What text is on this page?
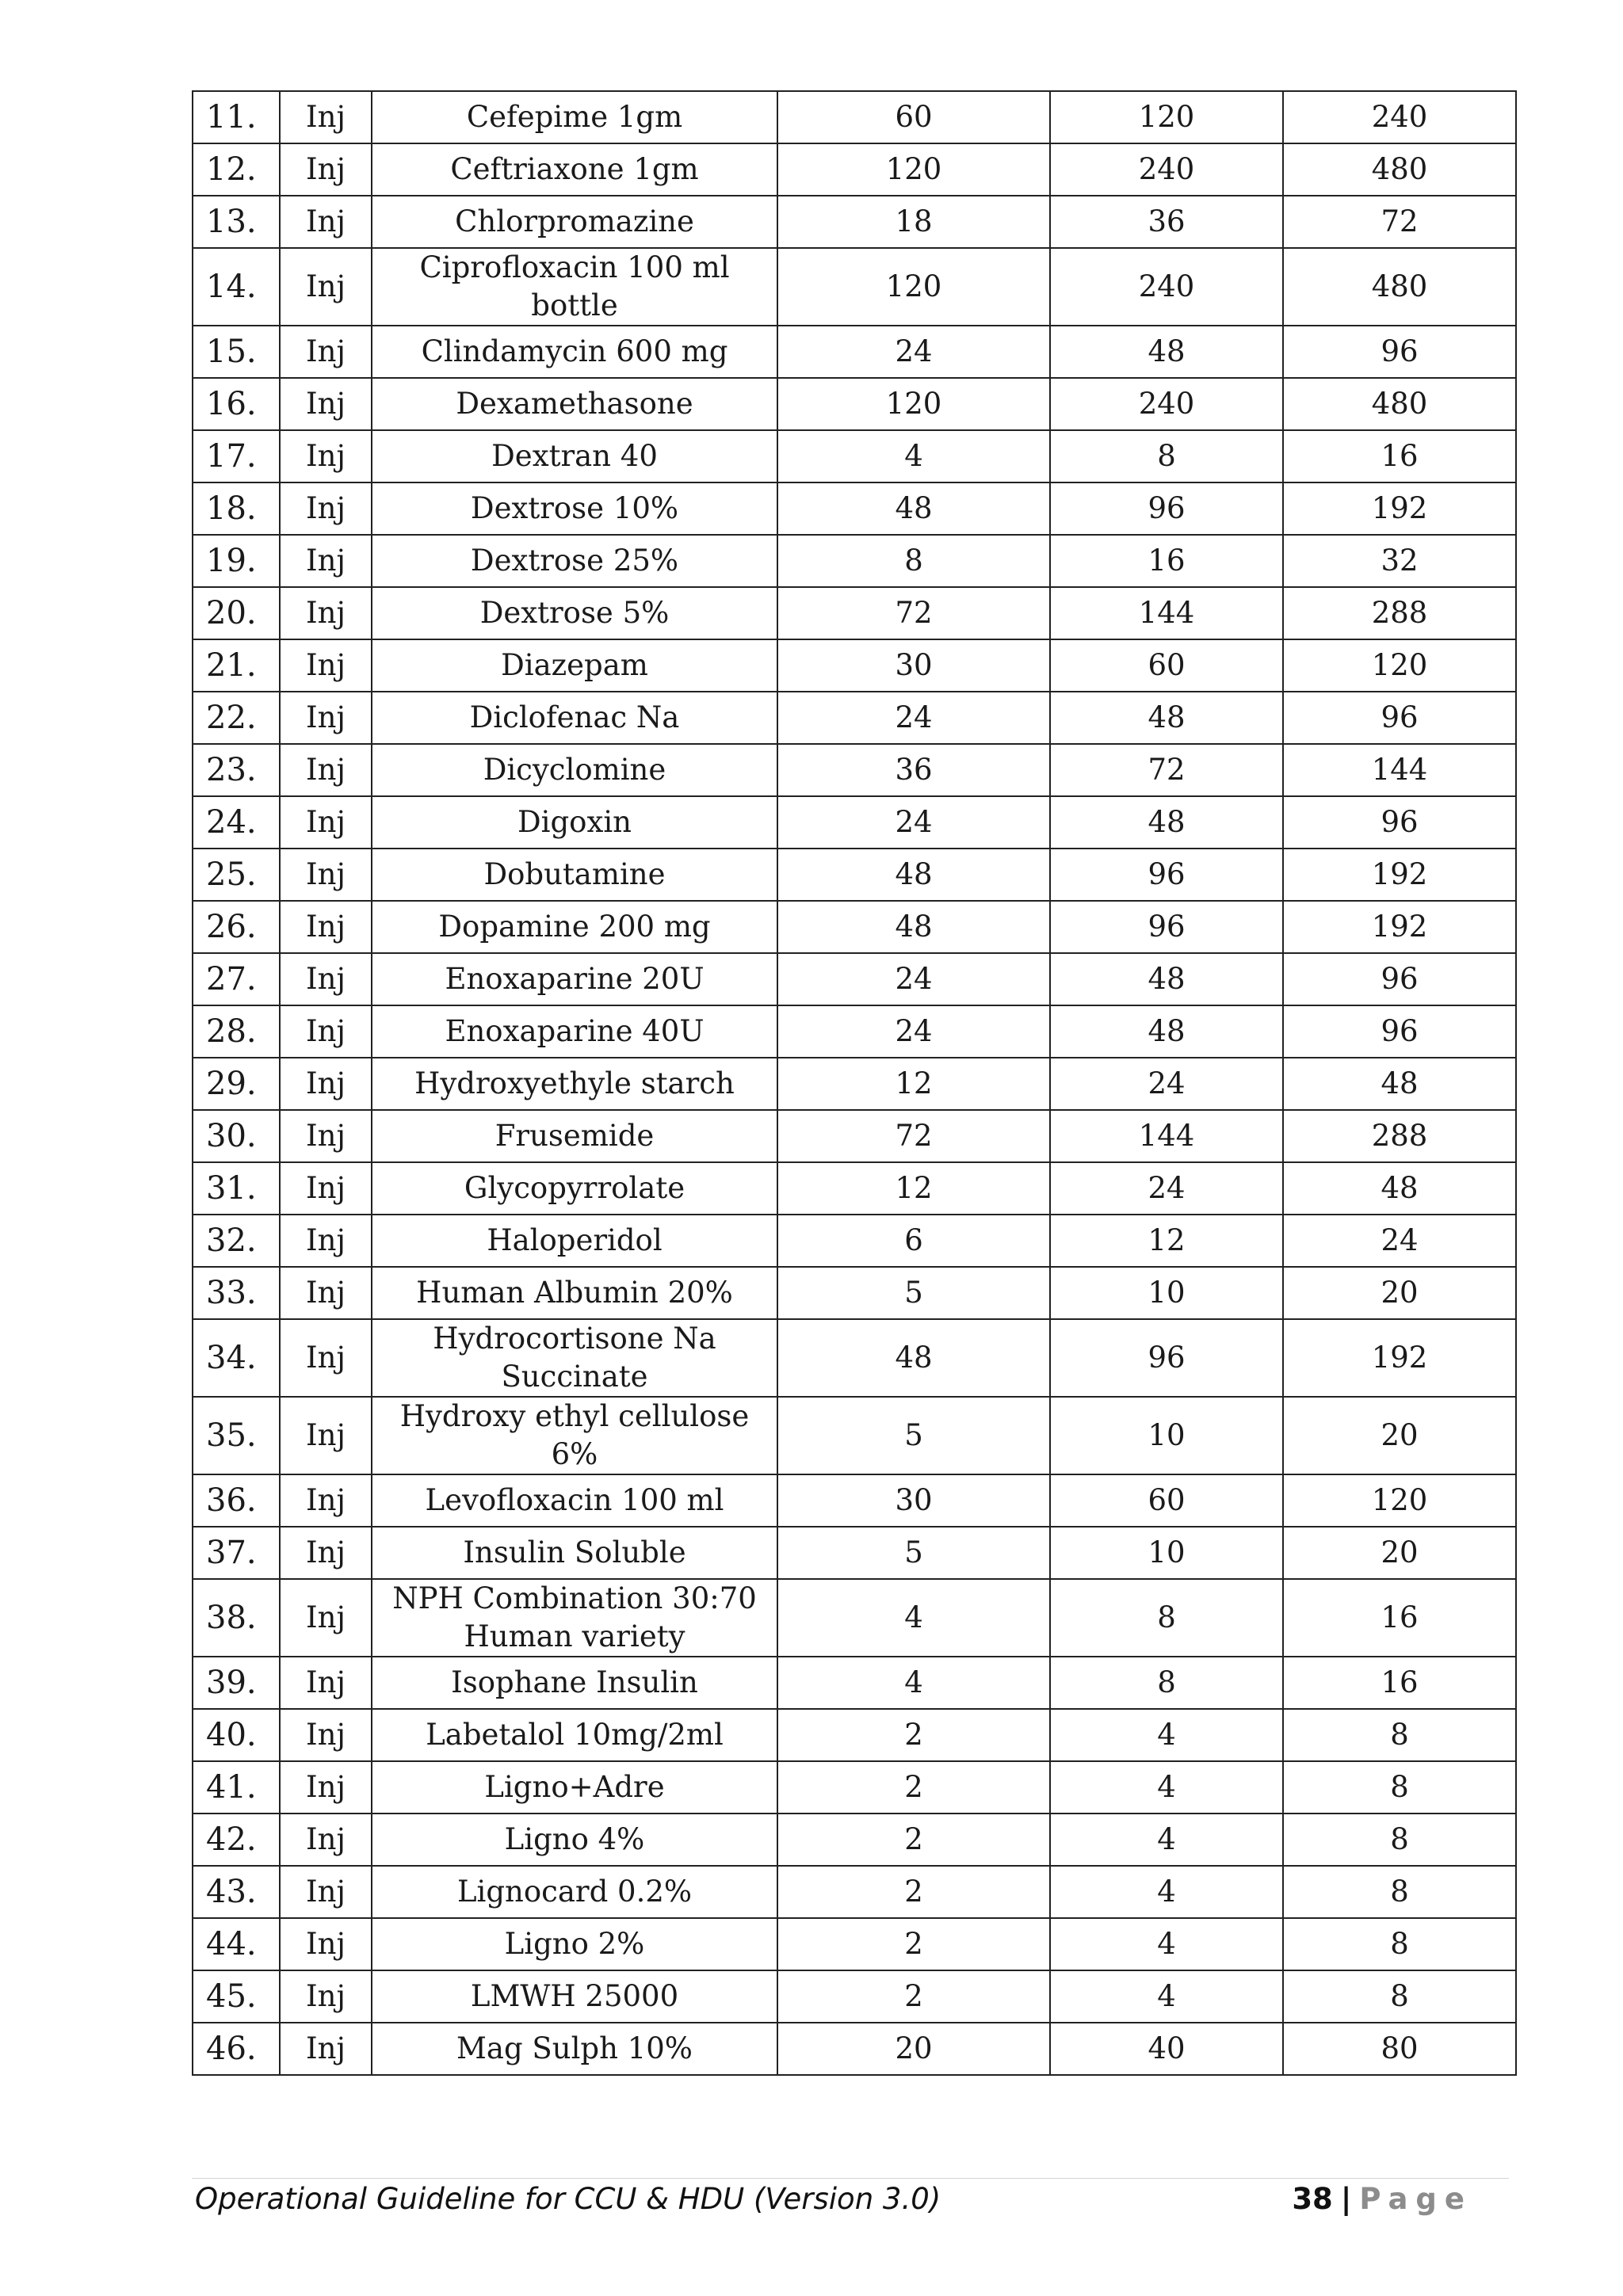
11.	Inj	Cefepime 1gm	60	120	240
12.	Inj	Ceftriaxone 1gm	120	240	480
13.	Inj	Chlorpromazine	18	36	72
14.	Inj	Ciprofloxacin 100 ml bottle	120	240	480
15.	Inj	Clindamycin 600 mg	24	48	96
16.	Inj	Dexamethasone	120	240	480
17.	Inj	Dextran 40	4	8	16
18.	Inj	Dextrose 10%	48	96	192
19.	Inj	Dextrose 25%	8	16	32
20.	Inj	Dextrose 5%	72	144	288
21.	Inj	Diazepam	30	60	120
22.	Inj	Diclofenac Na	24	48	96
23.	Inj	Dicyclomine	36	72	144
24.	Inj	Digoxin	24	48	96
25.	Inj	Dobutamine	48	96	192
26.	Inj	Dopamine 200 mg	48	96	192
27.	Inj	Enoxaparine 20U	24	48	96
28.	Inj	Enoxaparine 40U	24	48	96
29.	Inj	Hydroxyethyle starch	12	24	48
30.	Inj	Frusemide	72	144	288
31.	Inj	Glycopyrrolate	12	24	48
32.	Inj	Haloperidol	6	12	24
33.	Inj	Human Albumin 20%	5	10	20
34.	Inj	Hydrocortisone Na Succinate	48	96	192
35.	Inj	Hydroxy ethyl cellulose 6%	5	10	20
36.	Inj	Levofloxacin 100 ml	30	60	120
37.	Inj	Insulin Soluble	5	10	20
38.	Inj	NPH Combination 30:70 Human variety	4	8	16
39.	Inj	Isophane Insulin	4	8	16
40.	Inj	Labetalol 10mg/2ml	2	4	8
41.	Inj	Ligno+Adre	2	4	8
42.	Inj	Ligno 4%	2	4	8
43.	Inj	Lignocard 0.2%	2	4	8
44.	Inj	Ligno 2%	2	4	8
45.	Inj	LMWH 25000	2	4	8
46.	Inj	Mag Sulph 10%	20	40	80
Operational Guideline for CCU & HDU (Version 3.0)	38 | Page
